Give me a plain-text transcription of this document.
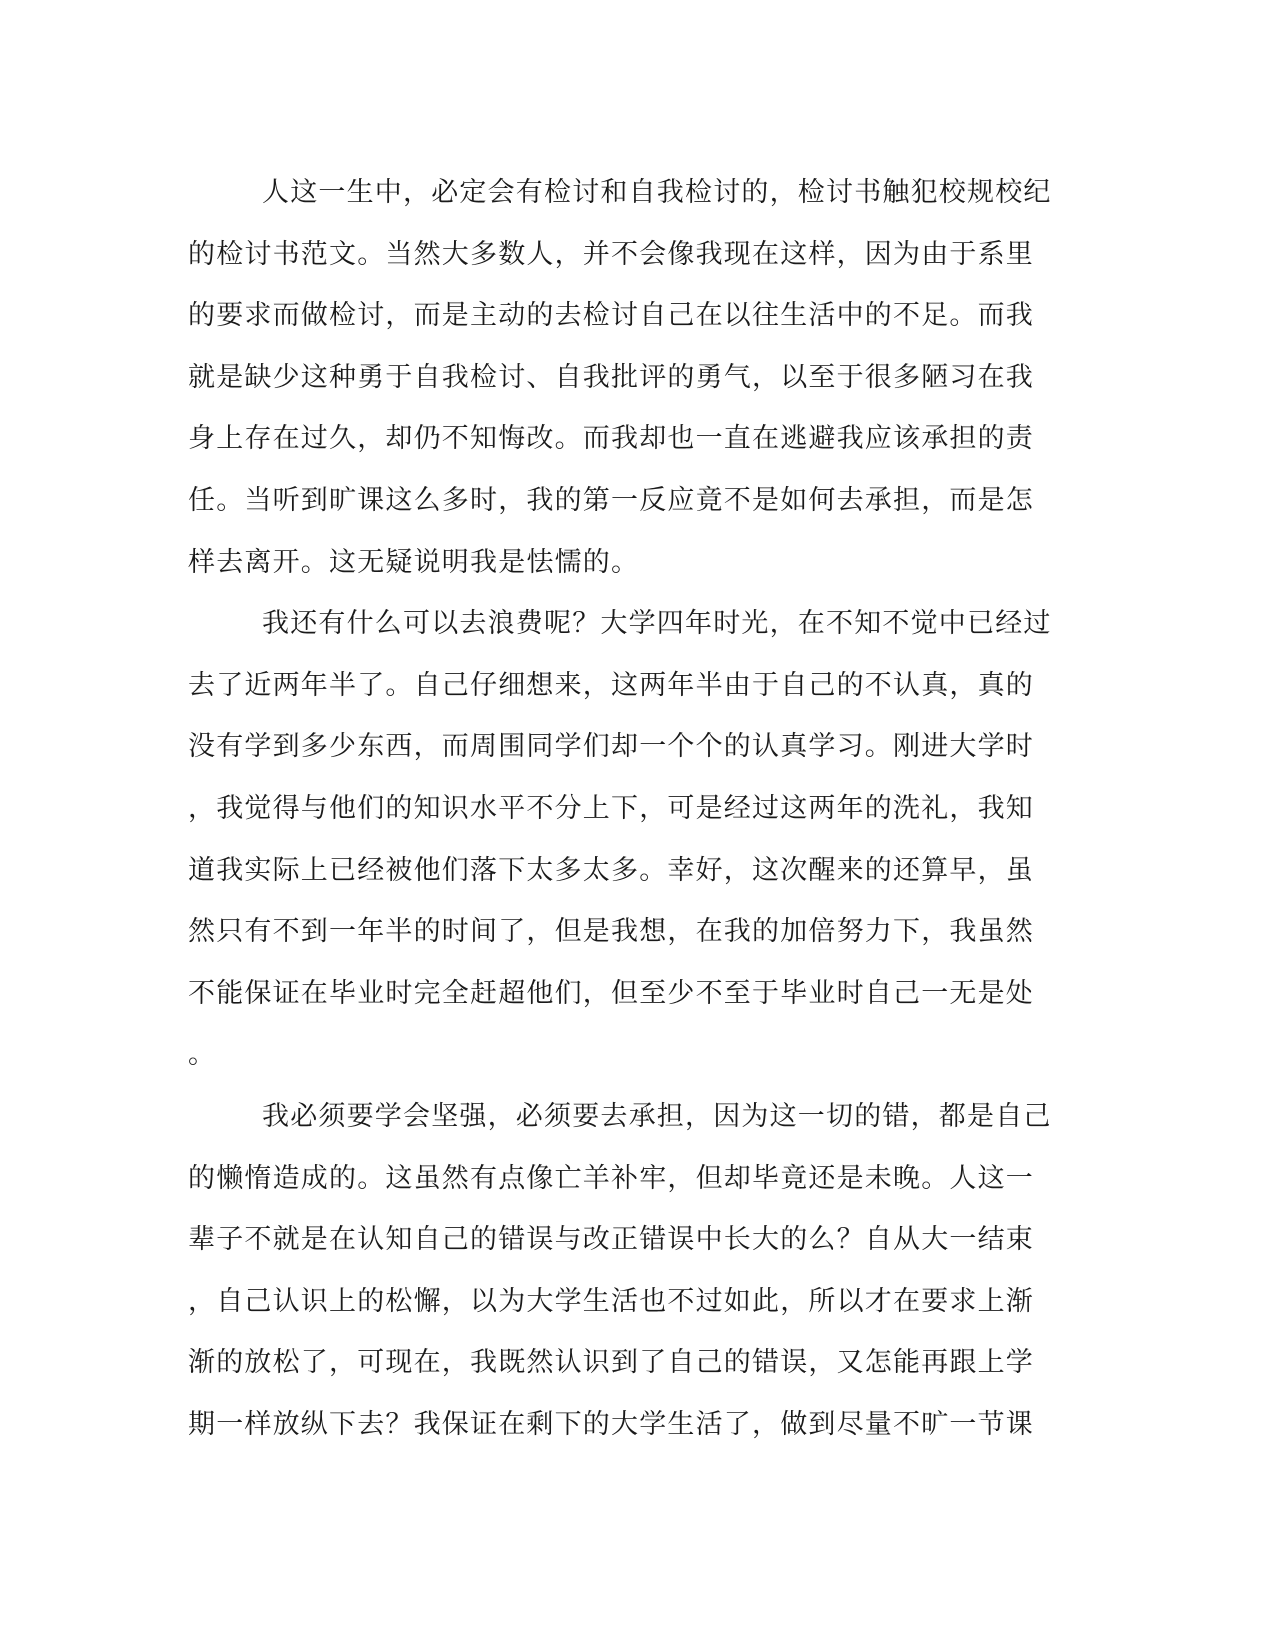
人这一生中，必定会有检讨和自我检讨的，检讨书触犯校规校纪
的检讨书范文。当然大多数人，并不会像我现在这样，因为由于系里
的要求而做检讨，而是主动的去检讨自己在以往生活中的不足。而我
就是缺少这种勇于自我检讨、自我批评的勇气，以至于很多陋习在我
身上存在过久，却仍不知悔改。而我却也一直在逃避我应该承担的责
任。当听到旷课这么多时，我的第一反应竟不是如何去承担，而是怎
样去离开。这无疑说明我是怯懦的。
我还有什么可以去浪费呢？大学四年时光，在不知不觉中已经过
去了近两年半了。自己仔细想来，这两年半由于自己的不认真，真的
没有学到多少东西，而周围同学们却一个个的认真学习。刚进大学时
，我觉得与他们的知识水平不分上下，可是经过这两年的洗礼，我知
道我实际上已经被他们落下太多太多。幸好，这次醒来的还算早，虽
然只有不到一年半的时间了，但是我想，在我的加倍努力下，我虽然
不能保证在毕业时完全赶超他们，但至少不至于毕业时自己一无是处
。
我必须要学会坚强，必须要去承担，因为这一切的错，都是自己
的懒惰造成的。这虽然有点像亡羊补牢，但却毕竟还是未晚。人这一
辈子不就是在认知自己的错误与改正错误中长大的么？自从大一结束
，自己认识上的松懈，以为大学生活也不过如此，所以才在要求上渐
渐的放松了，可现在，我既然认识到了自己的错误，又怎能再跟上学
期一样放纵下去？我保证在剩下的大学生活了，做到尽量不旷一节课
